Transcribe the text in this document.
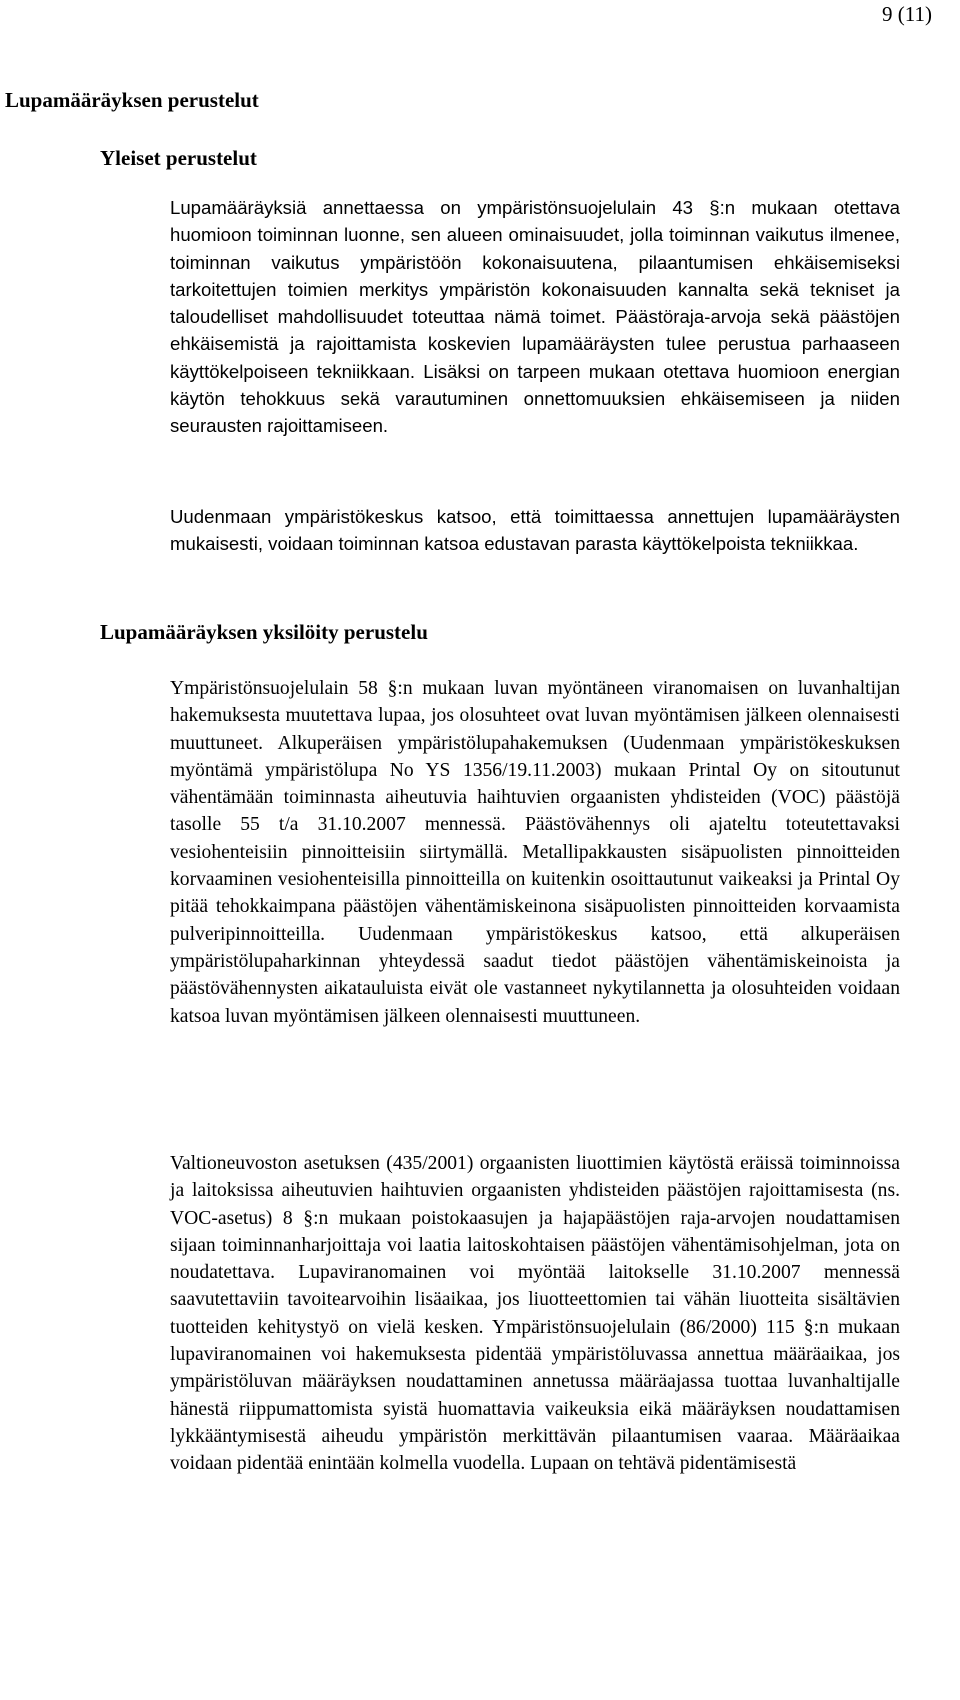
9 (11)
Lupamääräyksen perustelut
Yleiset perustelut
Lupamääräyksiä annettaessa on ympäristönsuojelulain 43 §:n mukaan otettava huomioon toiminnan luonne, sen alueen ominaisuudet, jolla toiminnan vaikutus ilmenee, toiminnan vaikutus ympäristöön kokonaisuutena, pilaantumisen ehkäisemiseksi tarkoitettujen toimien merkitys ympäristön kokonaisuuden kannalta sekä tekniset ja taloudelliset mahdollisuudet toteuttaa nämä toimet. Päästöraja-arvoja sekä päästöjen ehkäisemistä ja rajoittamista koskevien lupamääräysten tulee perustua parhaaseen käyttökelpoiseen tekniikkaan. Lisäksi on tarpeen mukaan otettava huomioon energian käytön tehokkuus sekä varautuminen onnettomuuksien ehkäisemiseen ja niiden seurausten rajoittamiseen.
Uudenmaan ympäristökeskus katsoo, että toimittaessa annettujen lupamääräysten mukaisesti, voidaan toiminnan katsoa edustavan parasta käyttökelpoista tekniikkaa.
Lupamääräyksen yksilöity perustelu
Ympäristönsuojelulain 58 §:n mukaan luvan myöntäneen viranomaisen on luvanhaltijan hakemuksesta muutettava lupaa, jos olosuhteet ovat luvan myöntämisen jälkeen olennaisesti muuttuneet. Alkuperäisen ympäristölupahakemuksen (Uudenmaan ympäristökeskuksen myöntämä ympäristölupa No YS 1356/19.11.2003) mukaan Printal Oy on sitoutunut vähentämään toiminnasta aiheutuvia haihtuvien orgaanisten yhdisteiden (VOC) päästöjä tasolle 55 t/a 31.10.2007 mennessä. Päästövähennys oli ajateltu toteutettavaksi vesiohenteisiin pinnoitteisiin siirtymällä. Metallipakkausten sisäpuolisten pinnoitteiden korvaaminen vesiohenteisilla pinnoitteilla on kuitenkin osoittautunut vaikeaksi ja Printal Oy pitää tehokkaimpana päästöjen vähentämiskeinona sisäpuolisten pinnoitteiden korvaamista pulveripinnoitteilla. Uudenmaan ympäristökeskus katsoo, että alkuperäisen ympäristölupaharkinnan yhteydessä saadut tiedot päästöjen vähentämiskeinoista ja päästövähennysten aikatauluista eivät ole vastanneet nykytilannetta ja olosuhteiden voidaan katsoa luvan myöntämisen jälkeen olennaisesti muuttuneen.
Valtioneuvoston asetuksen (435/2001) orgaanisten liuottimien käytöstä eräissä toiminnoissa ja laitoksissa aiheutuvien haihtuvien orgaanisten yhdisteiden päästöjen rajoittamisesta (ns. VOC-asetus) 8 §:n mukaan poistokaasujen ja hajapäästöjen raja-arvojen noudattamisen sijaan toiminnanharjoittaja voi laatia laitoskohtaisen päästöjen vähentämisohjelman, jota on noudatettava. Lupaviranomainen voi myöntää laitokselle 31.10.2007 mennessä saavutettaviin tavoitearvoihin lisäaikaa, jos liuotteettomien tai vähän liuotteita sisältävien tuotteiden kehitystyö on vielä kesken. Ympäristönsuojelulain (86/2000) 115 §:n mukaan lupaviranomainen voi hakemuksesta pidentää ympäristöluvassa annettua määräaikaa, jos ympäristöluvan määräyksen noudattaminen annetussa määräajassa tuottaa luvanhaltijalle hänestä riippumattomista syistä huomattavia vaikeuksia eikä määräyksen noudattamisen lykkääntymisestä aiheudu ympäristön merkittävän pilaantumisen vaaraa. Määräaikaa voidaan pidentää enintään kolmella vuodella. Lupaan on tehtävä pidentämisestä
